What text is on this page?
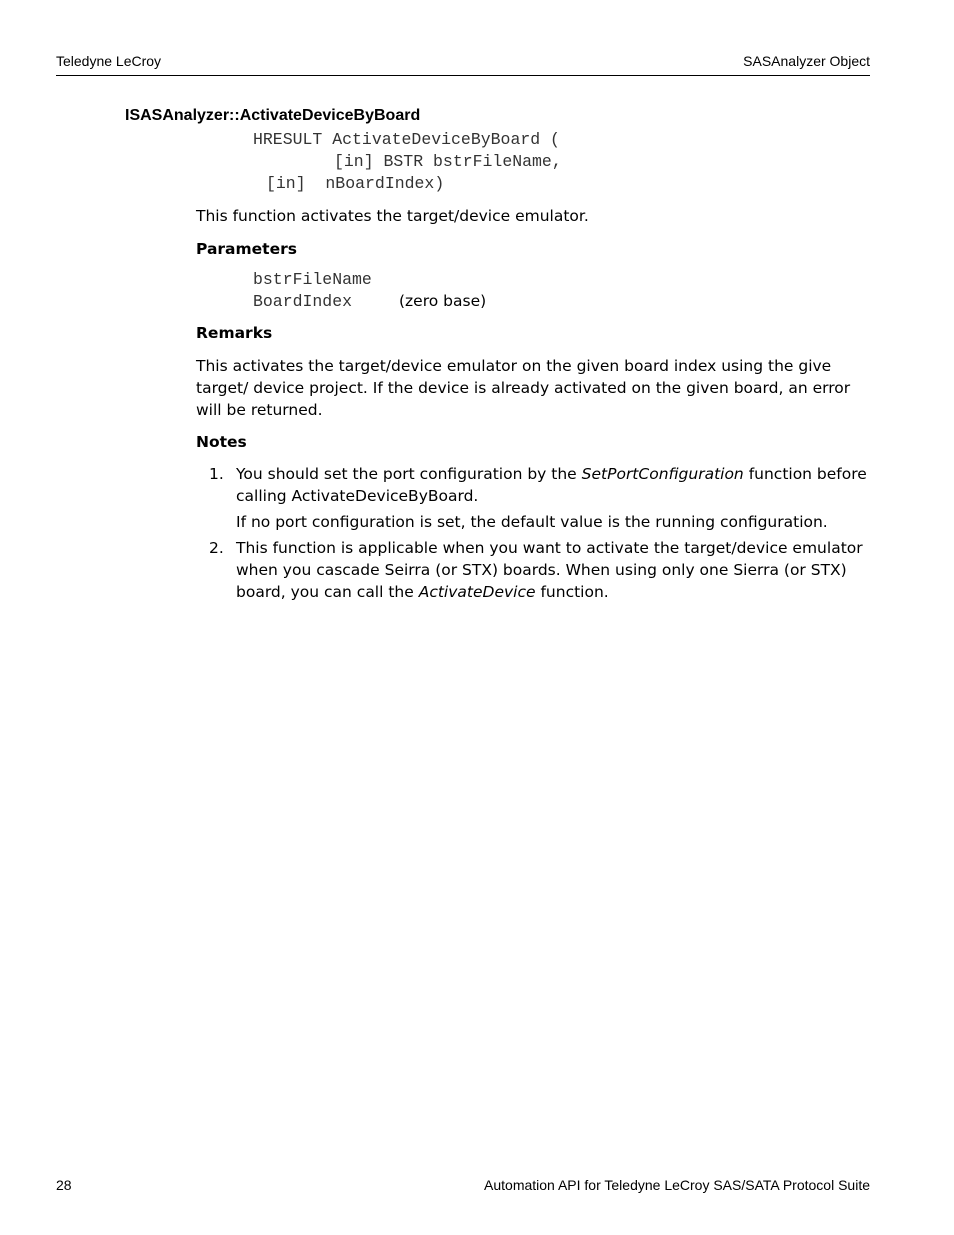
Teledyne LeCroy	SASAnalyzer Object
ISASAnalyzer::ActivateDeviceByBoard
HRESULT ActivateDeviceByBoard (
[in] BSTR bstrFileName,
[in]  nBoardIndex)
This function activates the target/device emulator.
Parameters
bstrFileName
BoardIndex	(zero base)
Remarks
This activates the target/device emulator on the given board index using the give target/ device project. If the device is already activated on the given board, an error will be returned.
Notes
1. You should set the port configuration by the SetPortConfiguration function before calling ActivateDeviceByBoard.
If no port configuration is set, the default value is the running configuration.
2. This function is applicable when you want to activate the target/device emulator when you cascade Seirra (or STX) boards. When using only one Sierra (or STX) board, you can call the ActivateDevice function.
28	Automation API for Teledyne LeCroy SAS/SATA Protocol Suite
